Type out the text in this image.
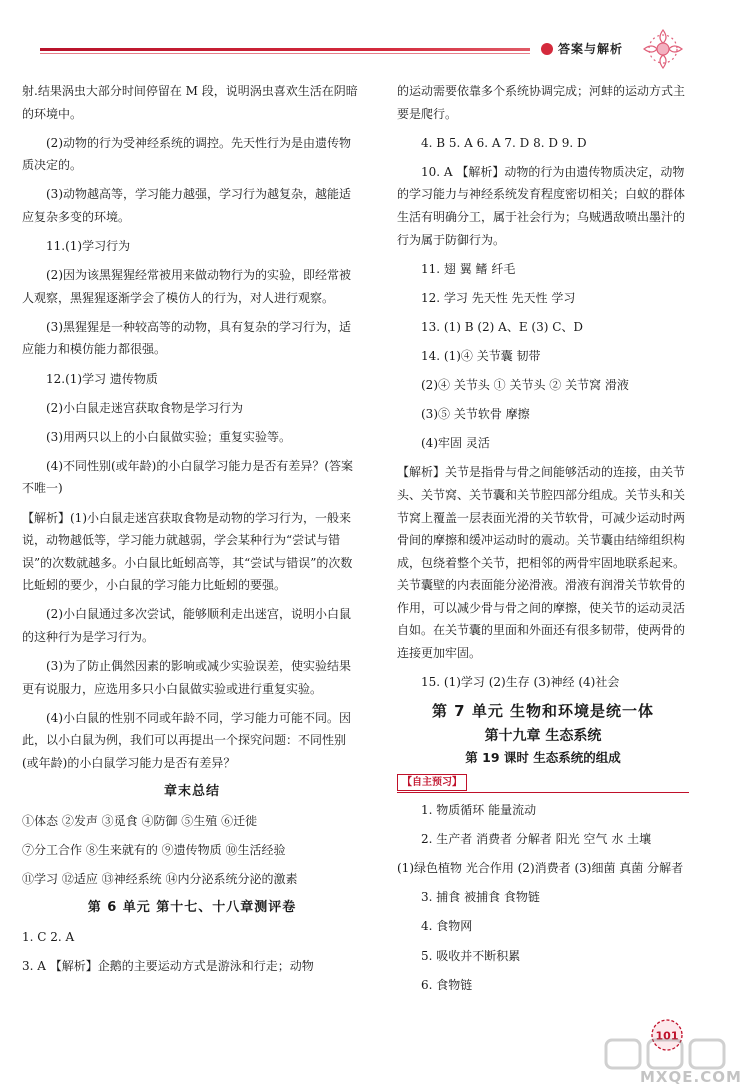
答案与解析

射.结果涡虫大部分时间停留在 M 段，说明涡虫喜欢生活在阴暗的环境中。

(2)动物的行为受神经系统的调控。先天性行为是由遗传物质决定的。

(3)动物越高等，学习能力越强，学习行为越复杂，越能适应复杂多变的环境。

11.(1)学习行为

(2)因为该黑猩猩经常被用来做动物行为的实验，即经常被人观察，黑猩猩逐渐学会了模仿人的行为，对人进行观察。

(3)黑猩猩是一种较高等的动物，具有复杂的学习行为，适应能力和模仿能力都很强。

12.(1)学习 遗传物质

(2)小白鼠走迷宫获取食物是学习行为

(3)用两只以上的小白鼠做实验；重复实验等。

(4)不同性别(或年龄)的小白鼠学习能力是否有差异？(答案不唯一)

【解析】(1)小白鼠走迷宫获取食物是动物的学习行为，一般来说，动物越低等，学习能力就越弱，学会某种行为“尝试与错误”的次数就越多。小白鼠比蚯蚓高等，其“尝试与错误”的次数比蚯蚓的要少，小白鼠的学习能力比蚯蚓的要强。

(2)小白鼠通过多次尝试，能够顺利走出迷宫，说明小白鼠的这种行为是学习行为。

(3)为了防止偶然因素的影响或减少实验误差，使实验结果更有说服力，应选用多只小白鼠做实验或进行重复实验。

(4)小白鼠的性别不同或年龄不同，学习能力可能不同。因此，以小白鼠为例，我们可以再提出一个探究问题：不同性别(或年龄)的小白鼠学习能力是否有差异？

章末总结

①体态 ②发声 ③觅食 ④防御 ⑤生殖 ⑥迁徙

⑦分工合作 ⑧生来就有的 ⑨遗传物质 ⑩生活经验

⑪学习 ⑫适应 ⑬神经系统 ⑭内分泌系统分泌的激素

第 6 单元 第十七、十八章测评卷

1. C 2. A

3. A 【解析】企鹅的主要运动方式是游泳和行走；动物

的运动需要依靠多个系统协调完成；河蚌的运动方式主要是爬行。

4. B 5. A 6. A 7. D 8. D 9. D

10. A 【解析】动物的行为由遗传物质决定，动物的学习能力与神经系统发育程度密切相关；白蚁的群体生活有明确分工，属于社会行为；乌贼遇敌喷出墨汁的行为属于防御行为。

11. 翅 翼 鳍 纤毛

12. 学习 先天性 先天性 学习

13. (1) B (2) A、E (3) C、D

14. (1)④ 关节囊 韧带

(2)④ 关节头 ① 关节头 ② 关节窝 滑液

(3)⑤ 关节软骨 摩擦

(4)牢固 灵活

【解析】关节是指骨与骨之间能够活动的连接，由关节头、关节窝、关节囊和关节腔四部分组成。关节头和关节窝上覆盖一层表面光滑的关节软骨，可减少运动时两骨间的摩擦和缓冲运动时的震动。关节囊由结缔组织构成，包绕着整个关节，把相邻的两骨牢固地联系起来。关节囊壁的内表面能分泌滑液。滑液有润滑关节软骨的作用，可以减少骨与骨之间的摩擦，使关节的运动灵活自如。在关节囊的里面和外面还有很多韧带，使两骨的连接更加牢固。

15. (1)学习 (2)生存 (3)神经 (4)社会

第 7 单元 生物和环境是统一体

第十九章 生态系统

第 19 课时 生态系统的组成

【自主预习】

1. 物质循环 能量流动

2. 生产者 消费者 分解者 阳光 空气 水 土壤

(1)绿色植物 光合作用 (2)消费者 (3)细菌 真菌 分解者

3. 捕食 被捕食 食物链

4. 食物网

5. 吸收并不断积累

6. 食物链

101
MXQE.COM
